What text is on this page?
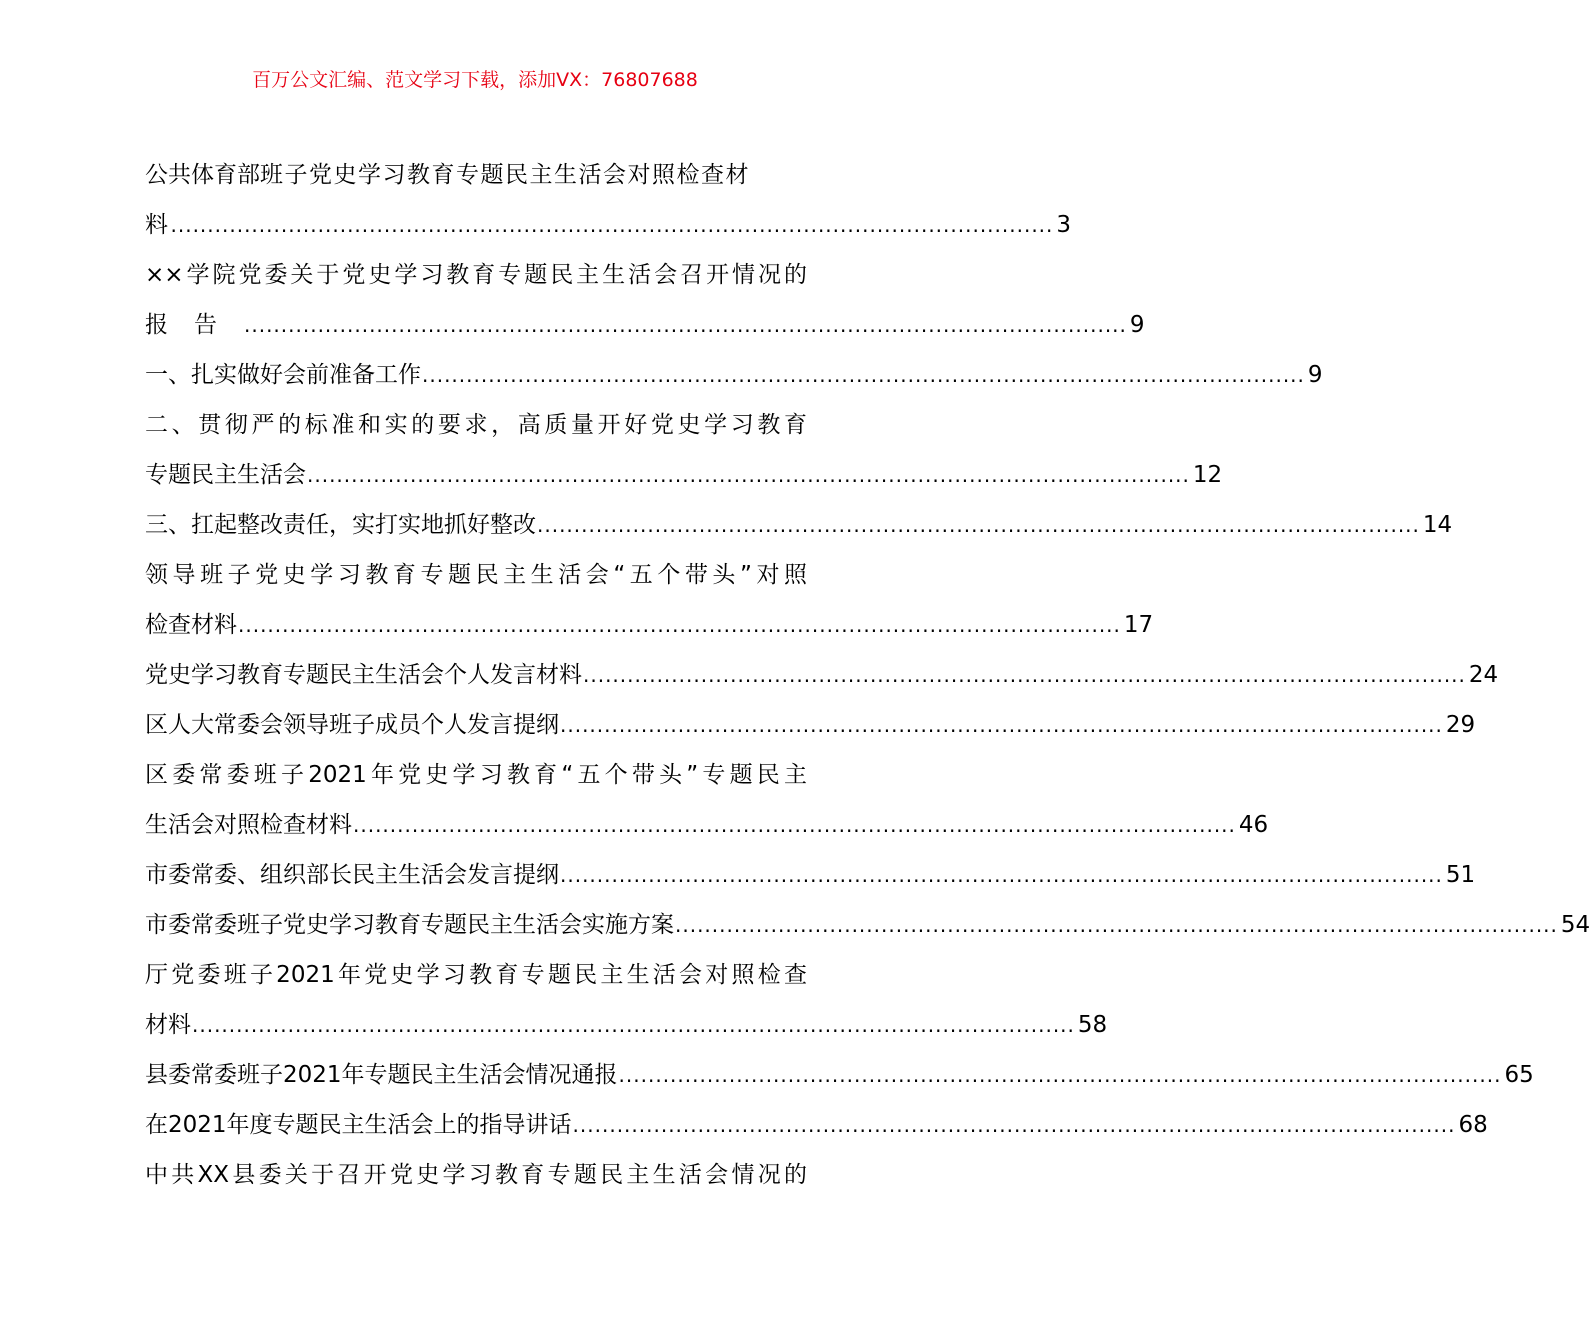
百万公文汇编、范文学习下载，添加VX：76807688
公共体育部班子党史学习教育专题民主生活会对照检查材
料 ........................................................................................................................ 3
××学院党委关于党史学习教育专题民主生活会召开情况的
报告 ........................................................................................................................ 9
一、扎实做好会前准备工作 ........................................................................................................................ 9
二、贯彻严的标准和实的要求，高质量开好党史学习教育
专题民主生活会 ........................................................................................................................ 12
三、扛起整改责任，实打实地抓好整改 ........................................................................................................................ 14
领导班子党史学习教育专题民主生活会“五个带头”对照
检查材料 ........................................................................................................................ 17
党史学习教育专题民主生活会个人发言材料 ........................................................................................................................ 24
区人大常委会领导班子成员个人发言提纲 ........................................................................................................................ 29
区委常委班子2021年党史学习教育“五个带头”专题民主
生活会对照检查材料 ........................................................................................................................ 46
市委常委、组织部长民主生活会发言提纲 ........................................................................................................................ 51
市委常委班子党史学习教育专题民主生活会实施方案 ........................................................................................................................ 54
厅党委班子2021年党史学习教育专题民主生活会对照检查
材料 ........................................................................................................................ 58
县委常委班子2021年专题民主生活会情况通报 ........................................................................................................................ 65
在2021年度专题民主生活会上的指导讲话 ........................................................................................................................ 68
中共XX县委关于召开党史学习教育专题民主生活会情况的
